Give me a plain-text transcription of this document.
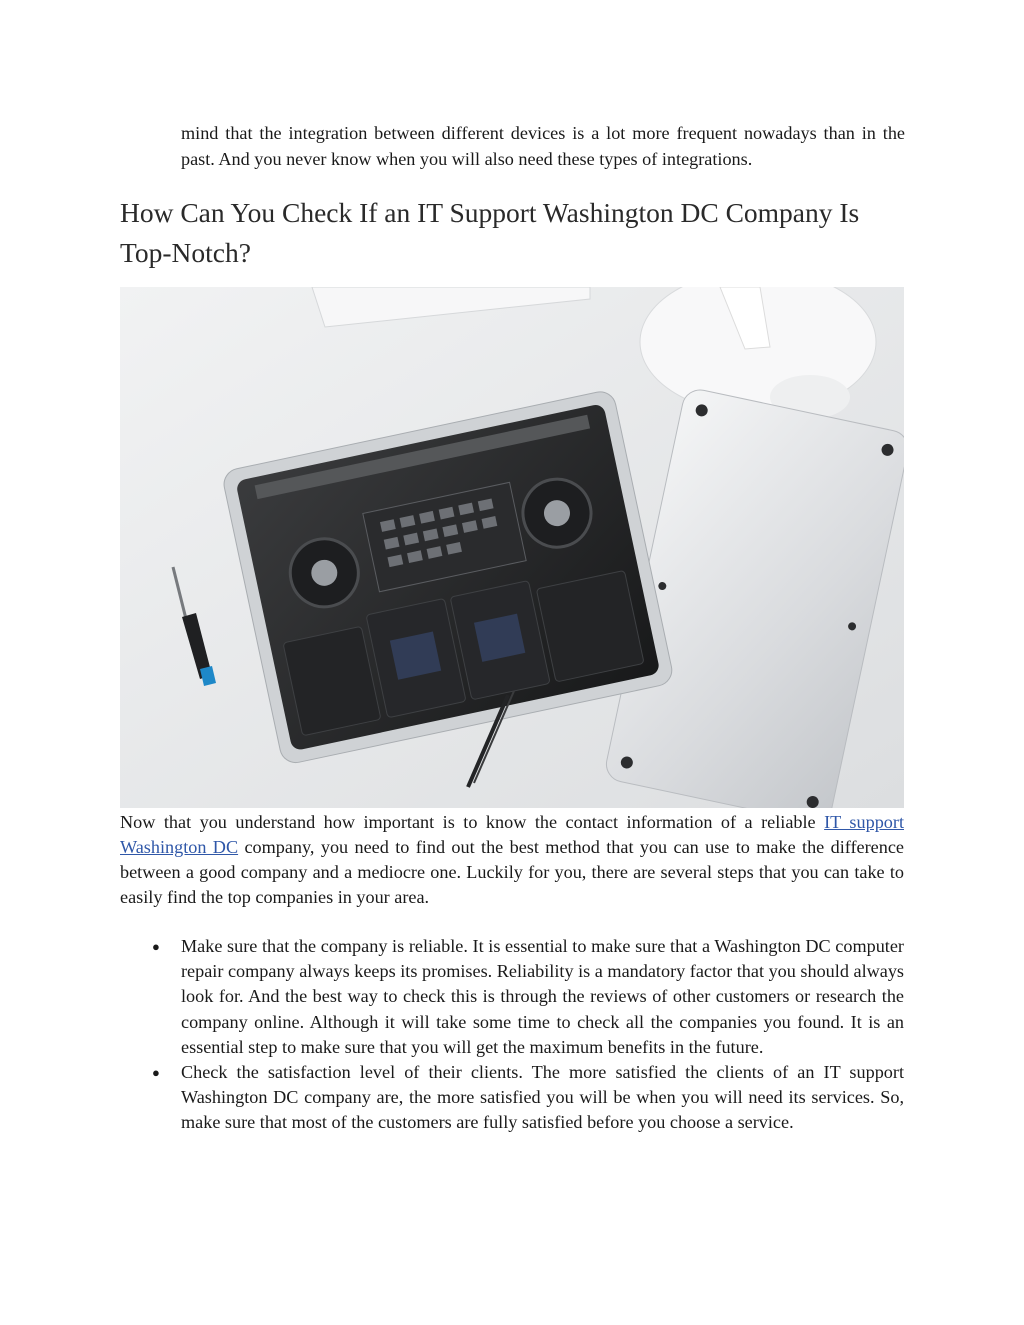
mind that the integration between different devices is a lot more frequent nowadays than in the past. And you never know when you will also need these types of integrations.

How Can You Check If an IT Support Washington DC Company Is Top-Notch?

Now that you understand how important is to know the contact information of a reliable IT support Washington DC company, you need to find out the best method that you can use to make the difference between a good company and a mediocre one. Luckily for you, there are several steps that you can take to easily find the top companies in your area.

● Make sure that the company is reliable. It is essential to make sure that a Washington DC computer repair company always keeps its promises. Reliability is a mandatory factor that you should always look for. And the best way to check this is through the reviews of other customers or research the company online. Although it will take some time to check all the companies you found. It is an essential step to make sure that you will get the maximum benefits in the future.
● Check the satisfaction level of their clients. The more satisfied the clients of an IT support Washington DC company are, the more satisfied you will be when you will need its services. So, make sure that most of the customers are fully satisfied before you choose a service.
